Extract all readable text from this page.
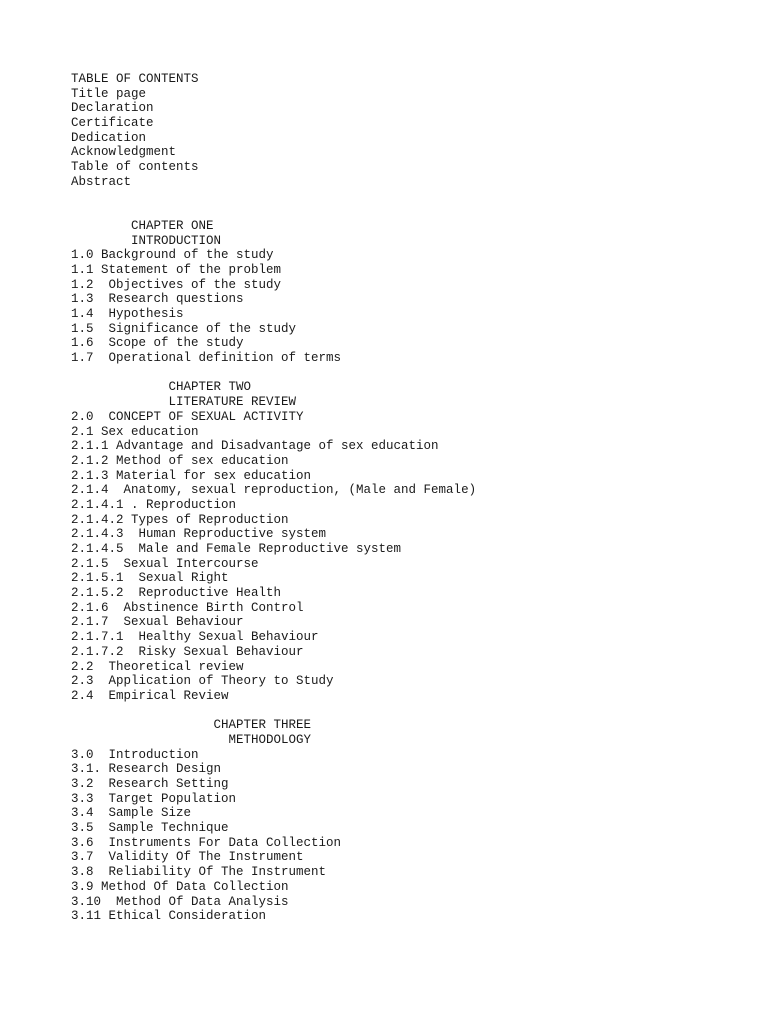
TABLE OF CONTENTS
Title page
Declaration
Certificate
Dedication
Acknowledgment
Table of contents
Abstract
CHAPTER ONE
INTRODUCTION
1.0 Background of the study
1.1 Statement of the problem
1.2  Objectives of the study
1.3  Research questions
1.4  Hypothesis
1.5  Significance of the study
1.6  Scope of the study
1.7  Operational definition of terms
CHAPTER TWO
LITERATURE REVIEW
2.0  CONCEPT OF SEXUAL ACTIVITY
2.1 Sex education
2.1.1 Advantage and Disadvantage of sex education
2.1.2 Method of sex education
2.1.3 Material for sex education
2.1.4  Anatomy, sexual reproduction, (Male and Female)
2.1.4.1 . Reproduction
2.1.4.2 Types of Reproduction
2.1.4.3  Human Reproductive system
2.1.4.5  Male and Female Reproductive system
2.1.5  Sexual Intercourse
2.1.5.1  Sexual Right
2.1.5.2  Reproductive Health
2.1.6  Abstinence Birth Control
2.1.7  Sexual Behaviour
2.1.7.1  Healthy Sexual Behaviour
2.1.7.2  Risky Sexual Behaviour
2.2  Theoretical review
2.3  Application of Theory to Study
2.4  Empirical Review
CHAPTER THREE
METHODOLOGY
3.0  Introduction
3.1. Research Design
3.2  Research Setting
3.3  Target Population
3.4  Sample Size
3.5  Sample Technique
3.6  Instruments For Data Collection
3.7  Validity Of The Instrument
3.8  Reliability Of The Instrument
3.9 Method Of Data Collection
3.10  Method Of Data Analysis
3.11 Ethical Consideration
